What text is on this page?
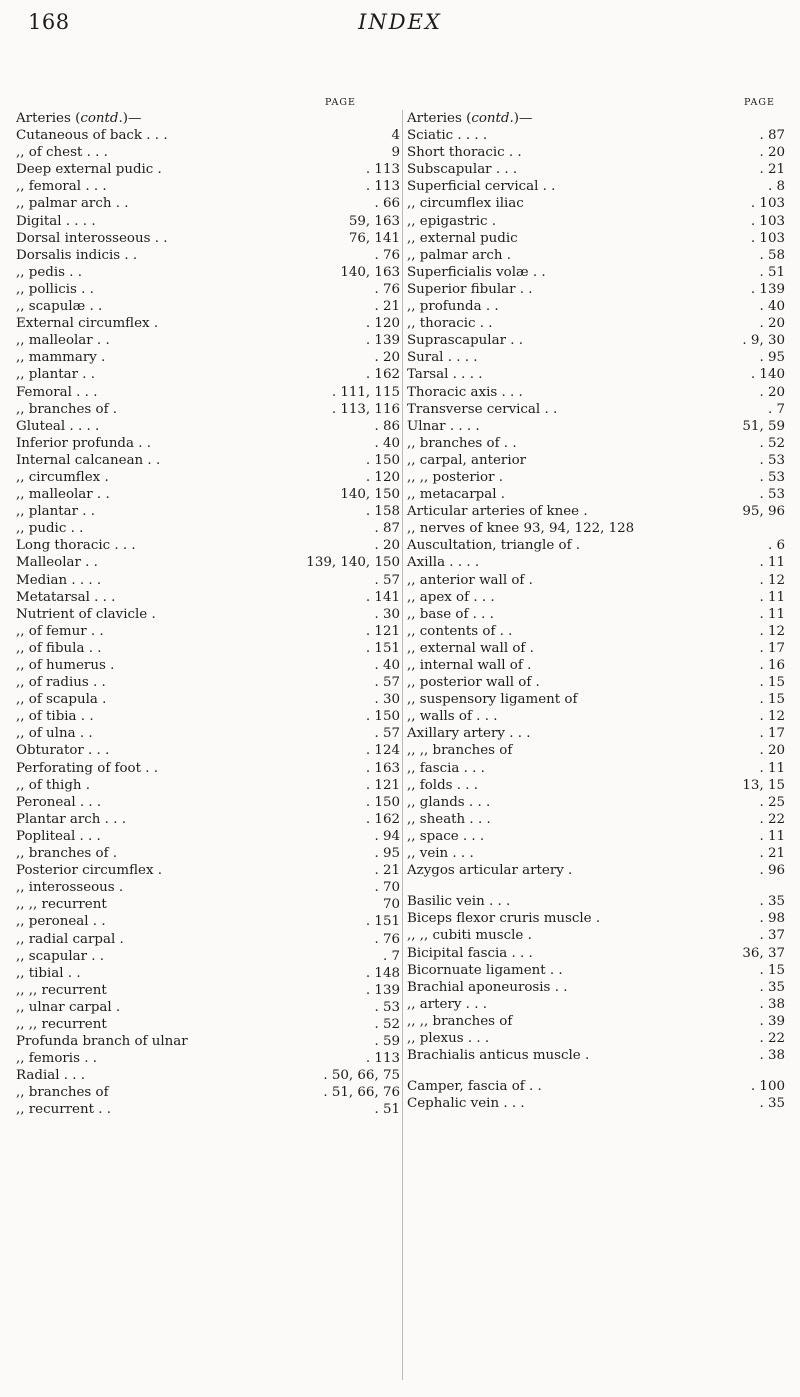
168	INDEX
PAGE	PAGE
Arteries (contd.)—
Cutaneous of back . . .	4
,, of chest . . .	9
Deep external pudic .	. 113
,, femoral . . .	. 113
,, palmar arch . .	. 66
Digital . . . .	59, 163
Dorsal interosseous . .	76, 141
Dorsalis indicis . .	. 76
,, pedis . .	140, 163
,, pollicis . .	. 76
,, scapulæ . .	. 21
External circumflex .	. 120
,, malleolar . .	. 139
,, mammary .	. 20
,, plantar . .	. 162
Femoral . . .	. 111, 115
,, branches of .	. 113, 116
Gluteal . . . .	. 86
Inferior profunda . .	. 40
Internal calcanean . .	. 150
,, circumflex .	. 120
,, malleolar . .	140, 150
,, plantar . .	. 158
,, pudic . .	. 87
Long thoracic . . .	. 20
Malleolar . .	139, 140, 150
Median . . . .	. 57
Metatarsal . . .	. 141
Nutrient of clavicle .	. 30
,, of femur . .	. 121
,, of fibula . .	. 151
,, of humerus .	. 40
,, of radius . .	. 57
,, of scapula .	. 30
,, of tibia . .	. 150
,, of ulna . .	. 57
Obturator . . .	. 124
Perforating of foot . .	. 163
,, of thigh .	. 121
Peroneal . . .	. 150
Plantar arch . . .	. 162
Popliteal . . .	. 94
,, branches of .	. 95
Posterior circumflex .	. 21
,, interosseous .	. 70
,, ,, recurrent	70
,, peroneal . .	. 151
,, radial carpal .	. 76
,, scapular . .	. 7
,, tibial . .	. 148
,, ,, recurrent	. 139
,, ulnar carpal .	. 53
,, ,, recurrent	. 52
Profunda branch of ulnar	. 59
,, femoris . .	. 113
Radial . . .	. 50, 66, 75
,, branches of	. 51, 66, 76
,, recurrent . .	. 51
Arteries (contd.)—
Sciatic . . . .	. 87
Short thoracic . .	. 20
Subscapular . . .	. 21
Superficial cervical . .	. 8
,, circumflex iliac	. 103
,, epigastric .	. 103
,, external pudic	. 103
,, palmar arch .	. 58
Superficialis volæ . .	. 51
Superior fibular . .	. 139
,, profunda . .	. 40
,, thoracic . .	. 20
Suprascapular . .	. 9, 30
Sural . . . .	. 95
Tarsal . . . .	. 140
Thoracic axis . . .	. 20
Transverse cervical . .	. 7
Ulnar . . . .	51, 59
,, branches of . .	. 52
,, carpal, anterior	. 53
,, ,, posterior .	. 53
,, metacarpal .	. 53
Articular arteries of knee .	95, 96
,, nerves of knee 93, 94, 122, 128
Auscultation, triangle of .	. 6
Axilla . . . .	. 11
,, anterior wall of .	. 12
,, apex of . . .	. 11
,, base of . . .	. 11
,, contents of . .	. 12
,, external wall of .	. 17
,, internal wall of .	. 16
,, posterior wall of .	. 15
,, suspensory ligament of	. 15
,, walls of . . .	. 12
Axillary artery . . .	. 17
,, ,, branches of	. 20
,, fascia . . .	. 11
,, folds . . .	13, 15
,, glands . . .	. 25
,, sheath . . .	. 22
,, space . . .	. 11
,, vein . . .	. 21
Azygos articular artery .	. 96
Basilic vein . . .	. 35
Biceps flexor cruris muscle .	. 98
,, ,, cubiti muscle .	. 37
Bicipital fascia . . .	36, 37
Bicornuate ligament . .	. 15
Brachial aponeurosis . .	. 35
,, artery . . .	. 38
,, ,, branches of	. 39
,, plexus . . .	. 22
Brachialis anticus muscle .	. 38
Camper, fascia of . .	. 100
Cephalic vein . . .	. 35
